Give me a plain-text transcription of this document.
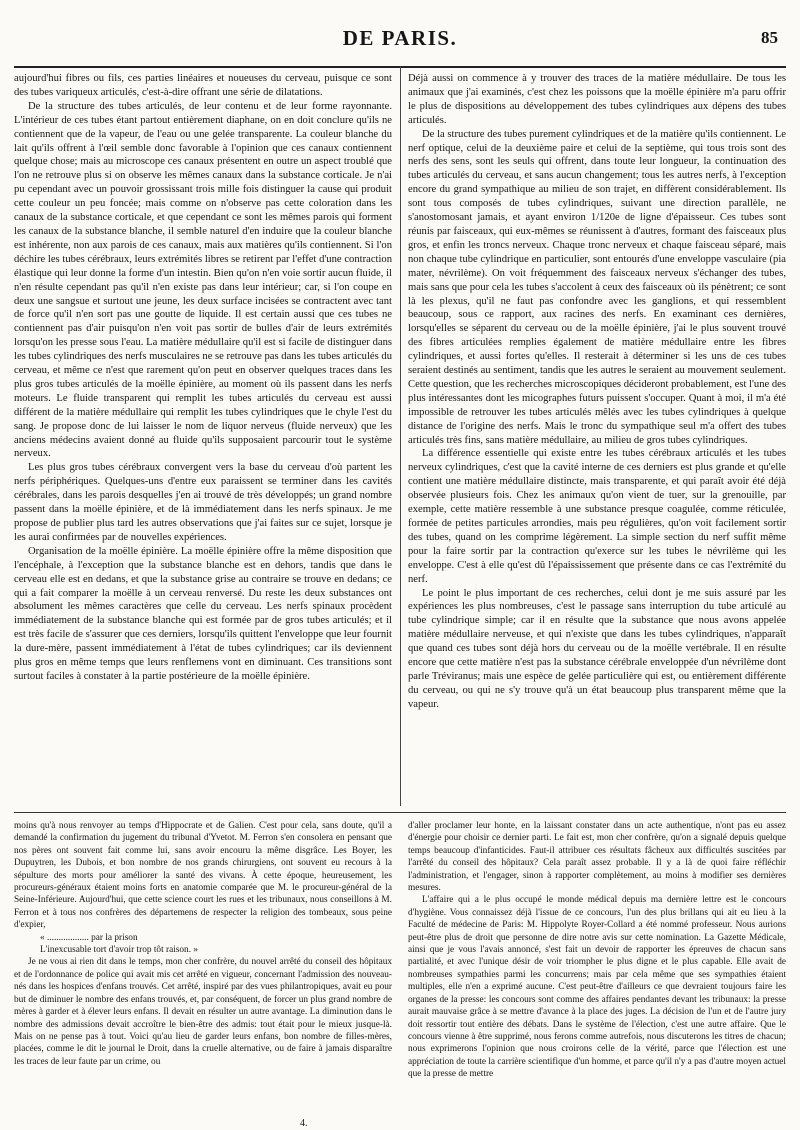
DE PARIS.	85

aujourd'hui fibres ou fils, ces parties linéaires et noueuses du cerveau, puisque ce sont des tubes variqueux articulés, c'est-à-dire offrant une série de dilatations.

De la structure des tubes articulés, de leur contenu et de leur forme rayonnante. L'intérieur de ces tubes étant partout entièrement diaphane, on en doit conclure qu'ils ne contiennent que de la vapeur, de l'eau ou une gelée transparente. La couleur blanche du lait qu'ils offrent à l'œil semble donc favorable à l'opinion que ces canaux contiennent quelque chose; mais au microscope ces canaux présentent en outre un aspect troublé que l'on ne retrouve plus si on observe les mêmes canaux dans la substance corticale. Je n'ai pu cependant avec un pouvoir grossissant trois mille fois distinguer la cause qui produit cette couleur un peu foncée; mais comme on n'observe pas cette coloration dans les canaux de la substance corticale, et que cependant ce sont les mêmes parois qui forment les canaux de la substance blanche, il semble naturel d'en induire que la couleur blanche est inhérente, non aux parois de ces canaux, mais aux matières qu'ils contiennent. Si l'on déchire les tubes cérébraux, leurs extrémités libres se retirent par l'effet d'une contraction élastique qui leur donne la forme d'un intestin. Bien qu'on n'en voie sortir aucun fluide, il n'en résulte cependant pas qu'il n'en existe pas dans leur intérieur; car, si l'on coupe en deux une sangsue et surtout une jeune, les deux surface incisées se contractent avec tant de force qu'il n'en sort pas une goutte de liquide. Il est certain aussi que ces tubes ne contiennent pas d'air puisqu'on n'en voit pas sortir de bulles d'air de leurs extrémités lorsqu'on les presse sous l'eau. La matière médullaire qu'il est si facile de distinguer dans les tubes cylindriques des nerfs musculaires ne se retrouve pas dans les tubes articulés du cerveau, et même ce n'est que rarement qu'on peut en observer quelques traces dans les plus gros tubes articulés de la moëlle épinière, au moment où ils passent dans les nerfs moteurs. Le fluide transparent qui remplit les tubes articulés du cerveau est aussi différent de la matière médullaire qui remplit les tubes cylindriques que le chyle l'est du sang. Je propose donc de lui laisser le nom de liquor nerveus (fluide nerveux) que les anciens médecins avaient donné au fluide qu'ils supposaient parcourir tout le système nerveux.

Les plus gros tubes cérébraux convergent vers la base du cerveau d'où partent les nerfs périphériques. Quelques-uns d'entre eux paraissent se terminer dans les cavités cérébrales, dans les parois desquelles j'en ai trouvé de très développés; un grand nombre passent dans la moëlle épinière, et de là immédiatement dans les nerfs spinaux. Je me propose de publier plus tard les autres observations que j'ai faites sur ce sujet, lorsque je les aurai confirmées par de nouvelles expériences.

Organisation de la moëlle épinière. La moëlle épinière offre la même disposition que l'encéphale, à l'exception que la substance blanche est en dehors, tandis que dans le cerveau elle est en dedans, et que la substance grise au contraire se trouve en dedans; ce qui a fait comparer la moëlle à un cerveau renversé. Du reste les deux substances ont absolument les mêmes caractères que celle du cerveau. Les nerfs spinaux procèdent immédiatement de la substance blanche qui est formée par de gros tubes articulés; et il est très facile de s'assurer que ces derniers, lorsqu'ils quittent l'enveloppe que leur fournit la dure-mère, passent immédiatement à l'état de tubes cylindriques; car ils deviennent plus gros en même temps que leurs renflemens vont en diminuant. Ces transitions sont surtout faciles à constater à la partie postérieure de la moëlle épinière.

Déjà aussi on commence à y trouver des traces de la matière médullaire. De tous les animaux que j'ai examinés, c'est chez les poissons que la moëlle épinière m'a paru offrir le plus de dispositions au développement des tubes cylindriques aux dépens des tubes articulés.

De la structure des tubes purement cylindriques et de la matière qu'ils contiennent. Le nerf optique, celui de la deuxième paire et celui de la septième, qui tous trois sont des nerfs des sens, sont les seuls qui offrent, dans toute leur longueur, la continuation des tubes articulés du cerveau, et sans aucun changement; tous les autres nerfs, à l'exception encore du grand sympathique au milieu de son trajet, en diffèrent considérablement. Ils sont tous composés de tubes cylindriques, suivant une direction parallèle, ne s'anostomosant jamais, et ayant environ 1/120e de ligne d'épaisseur. Ces tubes sont réunis par faisceaux, qui eux-mêmes se réunissent à d'autres, formant des faisceaux plus gros, et enfin les troncs nerveux. Chaque tronc nerveux et chaque faisceau séparé, mais non chaque tube cylindrique en particulier, sont entourés d'une enveloppe vasculaire (pia mater, névrilème). On voit fréquemment des faisceaux nerveux s'échanger des tubes, mais sans que pour cela les tubes s'accolent à ceux des faisceaux où ils pénètrent; ce sont là les plexus, qu'il ne faut pas confondre avec les ganglions, et qui ressemblent beaucoup, sous ce rapport, aux racines des nerfs. En examinant ces dernières, lorsqu'elles se séparent du cerveau ou de la moëlle épinière, j'ai le plus souvent trouvé des fibres articulées remplies également de matière médullaire entre les fibres cylindriques, et aussi fortes qu'elles. Il resterait à déterminer si les uns de ces tubes seraient destinés au sentiment, tandis que les autres le seraient au mouvement seulement. Cette question, que les recherches microscopiques décideront probablement, est l'une des plus intéressantes dont les micographes futurs puissent s'occuper. Quant à moi, il m'a été impossible de retrouver les tubes articulés mêlés avec les tubes cylindriques à quelque distance de l'origine des nerfs. Mais le tronc du sympathique seul m'a offert des tubes articulés très fins, sans matière médullaire, au milieu de gros tubes cylindriques.

La différence essentielle qui existe entre les tubes cérébraux articulés et les tubes nerveux cylindriques, c'est que la cavité interne de ces derniers est plus grande et qu'elle contient une matière médullaire distincte, mais transparente, et qui paraît avoir été déjà observée plusieurs fois. Chez les animaux qu'on vient de tuer, sur la grenouille, par exemple, cette matière ressemble à une substance presque coagulée, comme réticulée, formée de petites particules arrondies, mais peu régulières, qu'on voit facilement sortir des tubes, quand on les comprime légèrement. La simple section du nerf suffit même pour la faire sortir par la contraction qu'exerce sur les tubes le névrilème qui les enveloppe. C'est à elle qu'est dû l'épaississement que présente dans ce cas l'extrémité du nerf.

Le point le plus important de ces recherches, celui dont je me suis assuré par les expériences les plus nombreuses, c'est le passage sans interruption du tube articulé au tube cylindrique simple; car il en résulte que la substance que nous avons appelée matière médullaire nerveuse, et qui n'existe que dans les tubes cylindriques, n'apparaît que quand ces tubes sont déjà hors du cerveau ou de la moëlle vertébrale. Il en résulte encore que cette matière n'est pas la substance cérébrale enveloppée d'un névrilème dont parle Tréviranus; mais une espèce de gelée particulière qui est, ou entièrement différente du cerveau, ou qui ne s'y trouve qu'à un état beaucoup plus transparent même que la vapeur.

moins qu'à nous renvoyer au temps d'Hippocrate et de Galien. C'est pour cela, sans doute, qu'il a demandé la confirmation du jugement du tribunal d'Yvetot. M. Ferron s'en consolera en pensant que nos pères ont souvent fait comme lui, sans avoir encouru la même disgrâce. Les Boyer, les Dupuytren, les Dubois, et bon nombre de nos grands chirurgiens, ont souvent eu recours à la sépulture des morts pour améliorer la santé des vivans. À cette époque, heureusement, les procureurs-généraux étaient moins forts en anatomie comparée que M. le procureur-général de la Seine-Inférieure. Aujourd'hui, que cette science court les rues et les tribunaux, nous conseillons à M. Ferron et à tous nos confrères des départemens de respecter la religion des tombeaux, sous peine d'expier,

« .................. par la prison
L'inexcusable tort d'avoir trop tôt raison. »

Je ne vous ai rien dit dans le temps, mon cher confrère, du nouvel arrêté du conseil des hôpitaux et de l'ordonnance de police qui avait mis cet arrêté en vigueur, concernant l'admission des nouveau-nés dans les hospices d'enfans trouvés. Cet arrêté, inspiré par des vues philantropiques, avait eu pour but de diminuer le nombre des enfans trouvés, et, par conséquent, de forcer un plus grand nombre de mères à garder et à élever leurs enfans. Il devait en résulter un autre avantage. La diminution dans le nombre des admissions devait accroître le bien-être des admis: tout était pour le mieux jusque-là. Mais on ne pense pas à tout. Voici qu'au lieu de garder leurs enfans, bon nombre de filles-mères, placées, comme le dit le journal le Droit, dans la cruelle alternative, ou de faire à jamais disparaître les traces de leur faute par un crime, ou

d'aller proclamer leur honte, en la laissant constater dans un acte authentique, n'ont pas eu assez d'énergie pour choisir ce dernier parti. Le fait est, mon cher confrère, qu'on a signalé depuis quelque temps beaucoup d'infanticides. Faut-il attribuer ces résultats fâcheux aux difficultés suscitées par l'arrêté du conseil des hôpitaux? Cela paraît assez probable. Il y a là de quoi faire réfléchir l'administration, et l'engager, sinon à rapporter complètement, au moins à modifier ses dernières mesures.

L'affaire qui a le plus occupé le monde médical depuis ma dernière lettre est le concours d'hygiène. Vous connaissez déjà l'issue de ce concours, l'un des plus brillans qui ait eu lieu à la Faculté de médecine de Paris: M. Hippolyte Royer-Collard a été nommé professeur. Nous aurions peut-être plus de droit que personne de dire notre avis sur cette nomination. La Gazette Médicale, ainsi que je vous l'avais annoncé, s'est fait un devoir de rapporter les épreuves de chacun sans partialité, et avec l'unique désir de voir triompher le plus digne et le plus capable. Elle avait de nombreuses sympathies parmi les concurrens; mais par cela même que ses sympathies étaient multiples, elle n'en a exprimé aucune. C'est peut-être d'ailleurs ce que devraient toujours faire les organes de la presse: les concours sont comme des affaires pendantes devant les tribunaux: la presse aurait mauvaise grâce à se mettre d'avance à la place des juges. La décision de l'un et de l'autre jury doit ressortir tout entière des débats. Dans le système de l'élection, c'est une autre affaire. Que le concours vienne à être supprimé, nous ferons comme autrefois, nous discuterons les titres de chacun; nous exprimerons l'opinion que nous croirons celle de la vérité, parce que l'élection est une appréciation de toute la carrière scientifique d'un homme, et parce qu'il n'y a pas d'autre moyen actuel que la presse de mettre

4.
